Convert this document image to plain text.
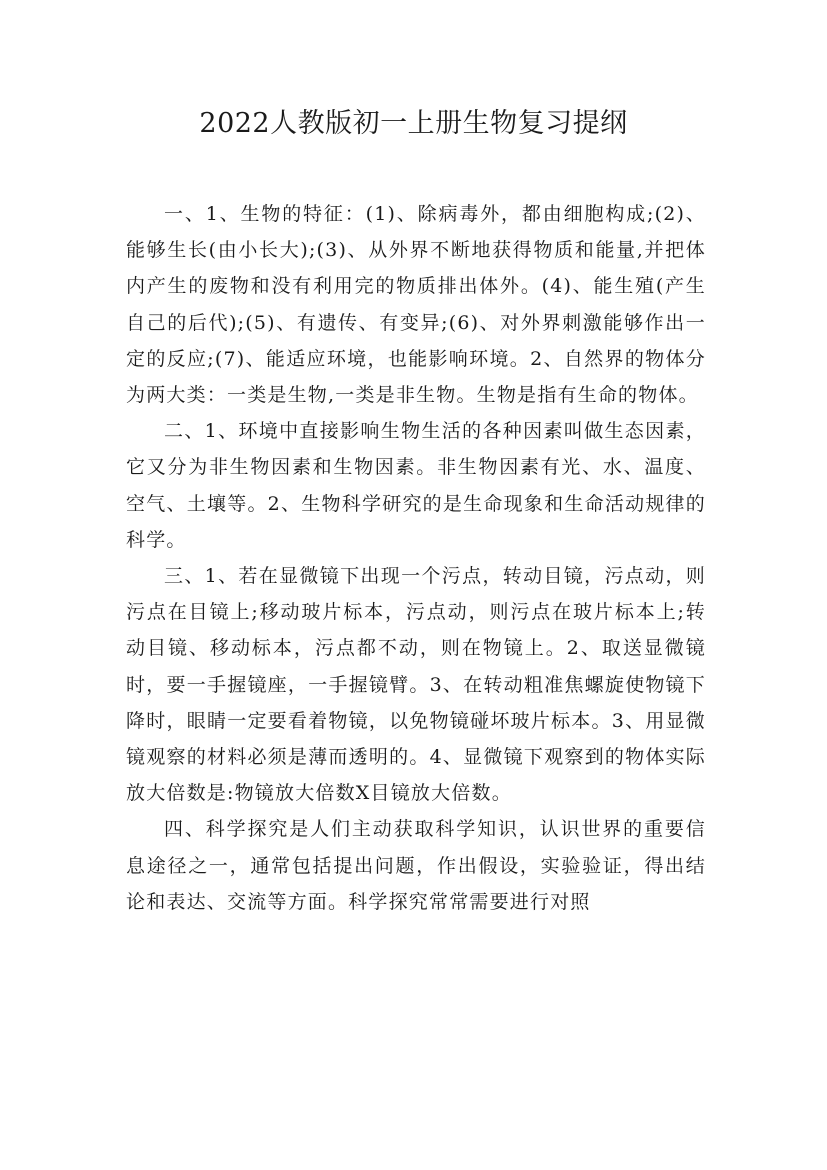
2022人教版初一上册生物复习提纲

一、1、生物的特征：(1)、除病毒外，都由细胞构成;(2)、能够生长(由小长大);(3)、从外界不断地获得物质和能量,并把体内产生的废物和没有利用完的物质排出体外。(4)、能生殖(产生自己的后代);(5)、有遗传、有变异;(6)、对外界刺激能够作出一定的反应;(7)、能适应环境，也能影响环境。2、自然界的物体分为两大类：一类是生物,一类是非生物。生物是指有生命的物体。

二、1、环境中直接影响生物生活的各种因素叫做生态因素，它又分为非生物因素和生物因素。非生物因素有光、水、温度、空气、土壤等。2、生物科学研究的是生命现象和生命活动规律的科学。

三、1、若在显微镜下出现一个污点，转动目镜，污点动，则污点在目镜上;移动玻片标本，污点动，则污点在玻片标本上;转动目镜、移动标本，污点都不动，则在物镜上。2、取送显微镜时，要一手握镜座，一手握镜臂。3、在转动粗准焦螺旋使物镜下降时，眼睛一定要看着物镜，以免物镜碰坏玻片标本。3、用显微镜观察的材料必须是薄而透明的。4、显微镜下观察到的物体实际放大倍数是:物镜放大倍数X目镜放大倍数。

四、科学探究是人们主动获取科学知识，认识世界的重要信息途径之一，通常包括提出问题，作出假设，实验验证，得出结论和表达、交流等方面。科学探究常常需要进行对照
